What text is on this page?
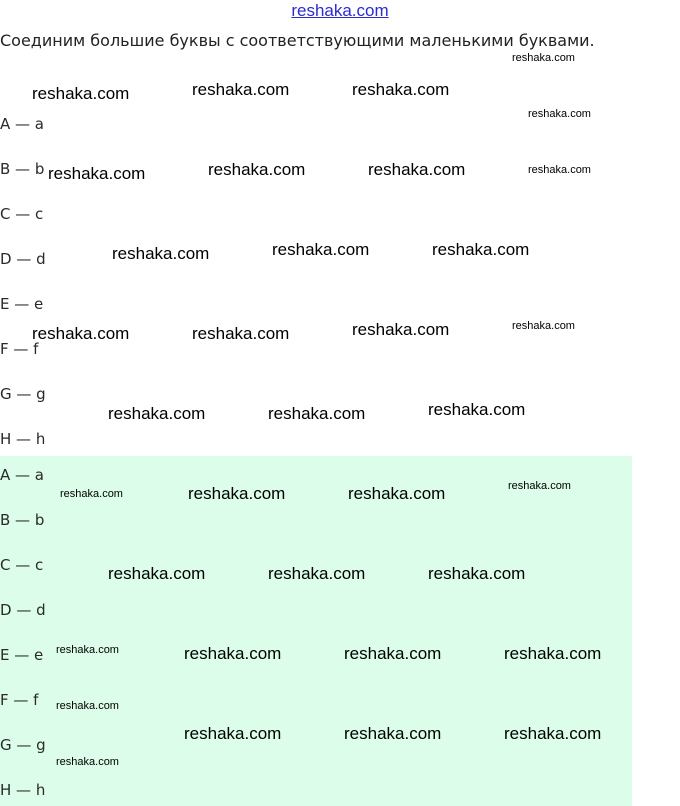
reshaka.com

Соединим большие буквы с соответствующими маленькими буквами.

A — a
B — b
C — c
D — d
E — e
F — f
G — g
H — h
A — a
B — b
C — c
D — d
E — e
F — f
G — g
H — h
reshaka.com
reshaka.com	reshaka.com	reshaka.com
reshaka.com
reshaka.com	reshaka.com	reshaka.com	reshaka.com
reshaka.com	reshaka.com	reshaka.com
reshaka.com	reshaka.com	reshaka.com	reshaka.com
reshaka.com	reshaka.com	reshaka.com
reshaka.com	reshaka.com	reshaka.com	reshaka.com
reshaka.com	reshaka.com	reshaka.com
reshaka.com	reshaka.com	reshaka.com	reshaka.com
reshaka.com
reshaka.com	reshaka.com	reshaka.com
reshaka.com
